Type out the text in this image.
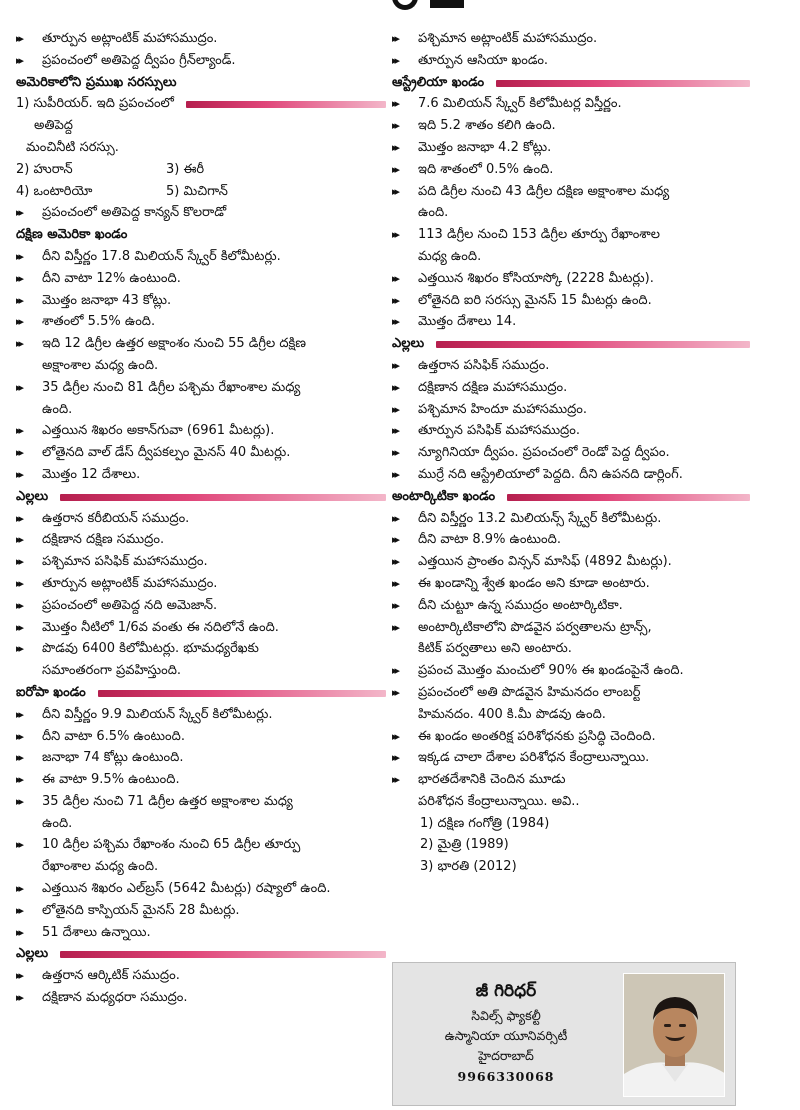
▸▸ తూర్పున అట్లాంటిక్ మహాసముద్రం.
▸▸ ప్రపంచంలో అతిపెద్ద ద్వీపం గ్రీన్‌ల్యాండ్.
అమెరికాలోని ప్రముఖ సరస్సులు
1) సుపీరియర్. ఇది ప్రపంచంలో
అతిపెద్ద
మంచినీటి సరస్సు.
2) హురాన్	3) ఈరీ
4) ఒంటారియో	5) మిచిగాన్
▸▸ ప్రపంచంలో అతిపెద్ద కాన్యన్ కొలరాడో
దక్షిణ అమెరికా ఖండం
▸▸ దీని విస్తీర్ణం 17.8 మిలియన్ స్క్వేర్ కిలోమీటర్లు.
▸▸ దీని వాటా 12% ఉంటుంది.
▸▸ మొత్తం జనాభా 43 కోట్లు.
▸▸ శాతంలో 5.5% ఉంది.
▸▸ ఇది 12 డిగ్రీల ఉత్తర అక్షాంశం నుంచి 55 డిగ్రీల దక్షిణ
అక్షాంశాల మధ్య ఉంది.
▸▸ 35 డిగ్రీల నుంచి 81 డిగ్రీల పశ్చిమ రేఖాంశాల మధ్య
ఉంది.
▸▸ ఎత్తయిన శిఖరం అకాన్‌గువా (6961 మీటర్లు).
▸▸ లోతైనది వాల్ డేస్ ద్వీపకల్పం మైనస్ 40 మీటర్లు.
▸▸ మొత్తం 12 దేశాలు.
ఎల్లలు
▸▸ ఉత్తరాన కరీబియన్ సముద్రం.
▸▸ దక్షిణాన దక్షిణ సముద్రం.
▸▸ పశ్చిమాన పసిఫిక్ మహాసముద్రం.
▸▸ తూర్పున అట్లాంటిక్ మహాసముద్రం.
▸▸ ప్రపంచంలో అతిపెద్ద నది అమెజాన్.
▸▸ మొత్తం నీటిలో 1/6వ వంతు ఈ నదిలోనే ఉంది.
▸▸ పొడవు 6400 కిలోమీటర్లు. భూమధ్యరేఖకు
సమాంతరంగా ప్రవహిస్తుంది.
ఐరోపా ఖండం
▸▸ దీని విస్తీర్ణం 9.9 మిలియన్ స్క్వేర్ కిలోమీటర్లు.
▸▸ దీని వాటా 6.5% ఉంటుంది.
▸▸ జనాభా 74 కోట్లు ఉంటుంది.
▸▸ ఈ వాటా 9.5% ఉంటుంది.
▸▸ 35 డిగ్రీల నుంచి 71 డిగ్రీల ఉత్తర అక్షాంశాల మధ్య
ఉంది.
▸▸ 10 డిగ్రీల పశ్చిమ రేఖాంశం నుంచి 65 డిగ్రీల తూర్పు
రేఖాంశాల మధ్య ఉంది.
▸▸ ఎత్తయిన శిఖరం ఎల్‌బ్రస్ (5642 మీటర్లు) రష్యాలో ఉంది.
▸▸ లోతైనది కాస్పియన్ మైనస్ 28 మీటర్లు.
▸▸ 51 దేశాలు ఉన్నాయి.
ఎల్లలు
▸▸ ఉత్తరాన ఆర్కిటిక్ సముద్రం.
▸▸ దక్షిణాన మధ్యధరా సముద్రం.
▸▸ పశ్చిమాన అట్లాంటిక్ మహాసముద్రం.
▸▸ తూర్పున ఆసియా ఖండం.
ఆస్ట్రేలియా ఖండం
▸▸ 7.6 మిలియన్ స్క్వేర్ కిలోమీటర్ల విస్తీర్ణం.
▸▸ ఇది 5.2 శాతం కలిగి ఉంది.
▸▸ మొత్తం జనాభా 4.2 కోట్లు.
▸▸ ఇది శాతంలో 0.5% ఉంది.
▸▸ పది డిగ్రీల నుంచి 43 డిగ్రీల దక్షిణ అక్షాంశాల మధ్య
ఉంది.
▸▸ 113 డిగ్రీల నుంచి 153 డిగ్రీల తూర్పు రేఖాంశాల
మధ్య ఉంది.
▸▸ ఎత్తయిన శిఖరం కోసియాస్కో (2228 మీటర్లు).
▸▸ లోతైనది ఐరి సరస్సు మైనస్ 15 మీటర్లు ఉంది.
▸▸ మొత్తం దేశాలు 14.
ఎల్లలు
▸▸ ఉత్తరాన పసిఫిక్ సముద్రం.
▸▸ దక్షిణాన దక్షిణ మహాసముద్రం.
▸▸ పశ్చిమాన హిందూ మహాసముద్రం.
▸▸ తూర్పున పసిఫిక్ మహాసముద్రం.
▸▸ న్యూగినియా ద్వీపం. ప్రపంచంలో రెండో పెద్ద ద్వీపం.
▸▸ ముర్రే నది ఆస్ట్రేలియాలో పెద్దది. దీని ఉపనది డార్లింగ్.
అంటార్కిటికా ఖండం
▸▸ దీని విస్తీర్ణం 13.2 మిలియన్స్ స్క్వేర్ కిలోమీటర్లు.
▸▸ దీని వాటా 8.9% ఉంటుంది.
▸▸ ఎత్తయిన ప్రాంతం విన్సన్ మాసిఫ్ (4892 మీటర్లు).
▸▸ ఈ ఖండాన్ని శ్వేత ఖండం అని కూడా అంటారు.
▸▸ దీని చుట్టూ ఉన్న సముద్రం అంటార్కిటికా.
▸▸ అంటార్కిటికాలోని పొడవైన పర్వతాలను ట్రాన్స్,
కిటిక్ పర్వతాలు అని అంటారు.
▸▸ ప్రపంచ మొత్తం మంచులో 90% ఈ ఖండంపైనే ఉంది.
▸▸ ప్రపంచంలో అతి పొడవైన హిమనదం లాంబర్ట్
హిమనదం. 400 కి.మీ పొడవు ఉంది.
▸▸ ఈ ఖండం అంతరిక్ష పరిశోధనకు ప్రసిద్ధి చెందింది.
▸▸ ఇక్కడ చాలా దేశాల పరిశోధన కేంద్రాలున్నాయి.
▸▸ భారతదేశానికి చెందిన మూడు
పరిశోధన కేంద్రాలున్నాయి. అవి..
1) దక్షిణ గంగోత్రి (1984)
2) మైత్రి (1989)
3) భారతి (2012)
జీ గిరిధర్
సివిల్స్ ఫ్యాకల్టీ
ఉస్మానియా యూనివర్సిటీ
హైదరాబాద్
9966330068
